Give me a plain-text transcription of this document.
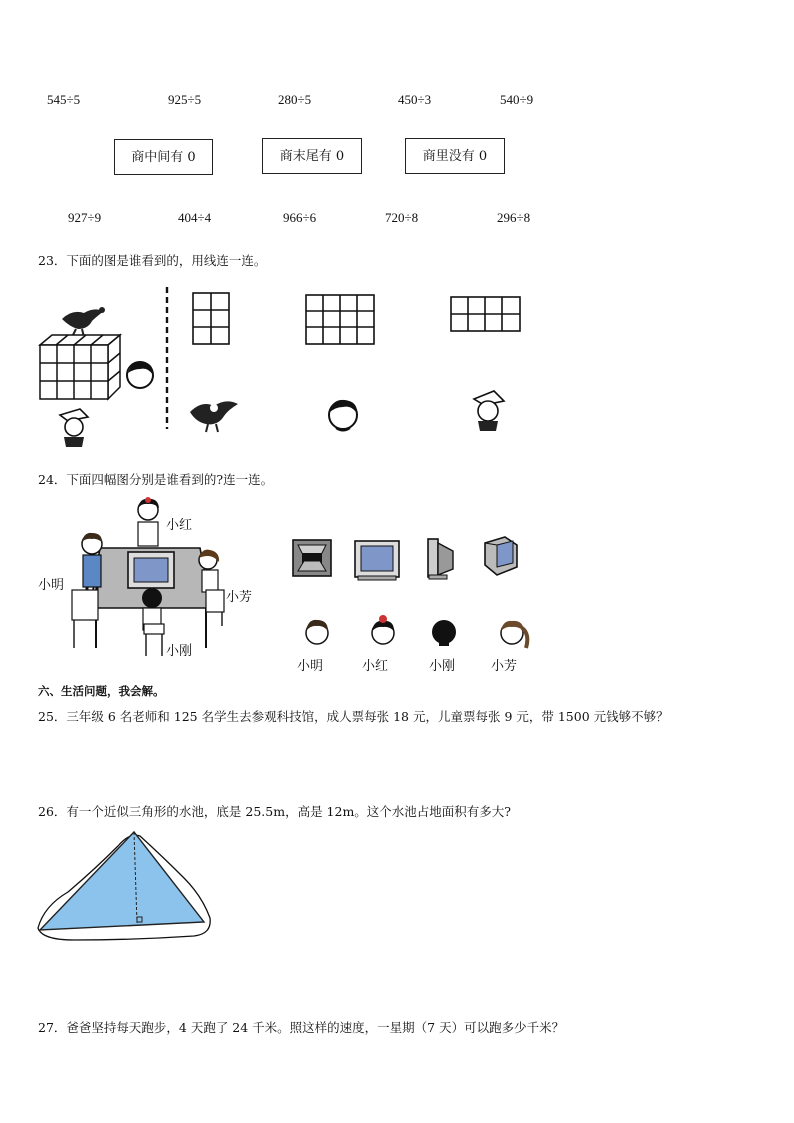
545÷5	925÷5	280÷5	450÷3	540÷9
商中间有 0	商末尾有 0	商里没有 0
927÷9	404÷4	966÷6	720÷8	296÷8
23．下面的图是谁看到的，用线连一连。
24．下面四幅图分别是谁看到的?连一连。
小红
小明
小芳
小刚
小明	小红	小刚	小芳
六、生活问题，我会解。
25．三年级 6 名老师和 125 名学生去参观科技馆，成人票每张 18 元，儿童票每张 9 元，带 1500 元钱够不够？
26．有一个近似三角形的水池，底是 25.5m，高是 12m。这个水池占地面积有多大?
27．爸爸坚持每天跑步，4 天跑了 24 千米。照这样的速度，一星期（7 天）可以跑多少千米？
